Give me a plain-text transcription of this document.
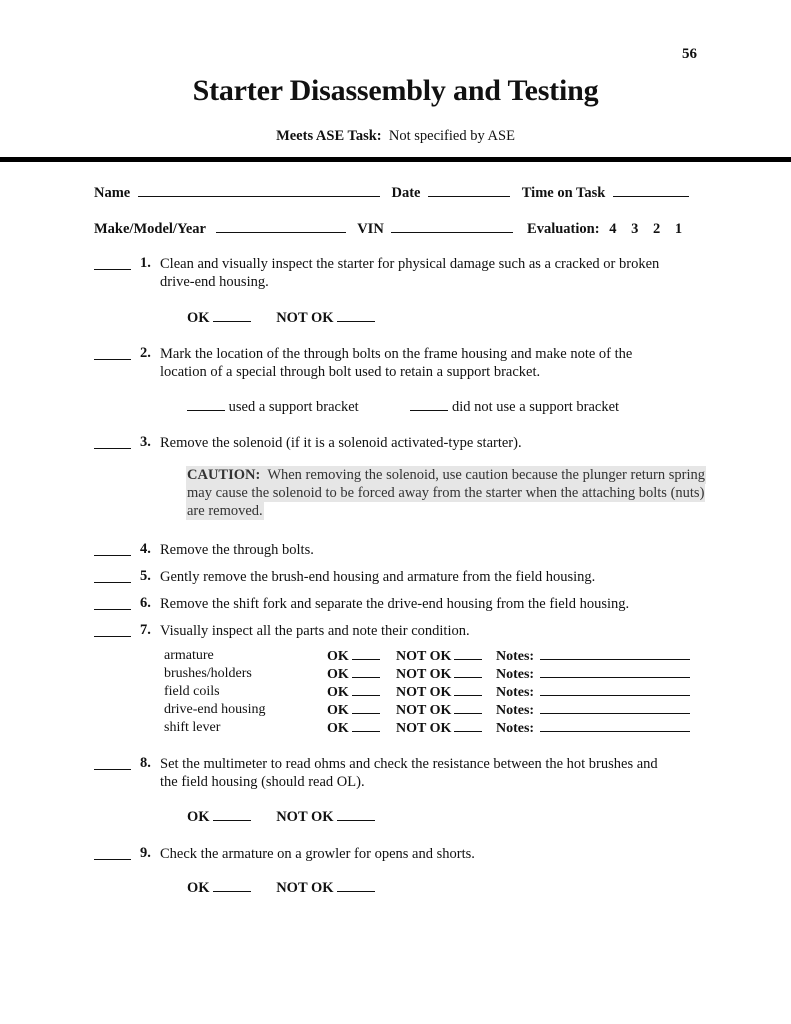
56
Starter Disassembly and Testing
Meets ASE Task: Not specified by ASE
Name	Date	Time on Task
Make/Model/Year	VIN	Evaluation: 4 3 2 1
1. Clean and visually inspect the starter for physical damage such as a cracked or broken
drive-end housing.
OK	NOT OK
2. Mark the location of the through bolts on the frame housing and make note of the
location of a special through bolt used to retain a support bracket.
used a support bracket	did not use a support bracket
3. Remove the solenoid (if it is a solenoid activated-type starter).
CAUTION: When removing the solenoid, use caution because the plunger return spring may cause the solenoid to be forced away from the starter when the attaching bolts (nuts) are removed.
4. Remove the through bolts.
5. Gently remove the brush-end housing and armature from the field housing.
6. Remove the shift fork and separate the drive-end housing from the field housing.
7. Visually inspect all the parts and note their condition.
armature	OK	NOT OK	Notes:
brushes/holders	OK	NOT OK	Notes:
field coils	OK	NOT OK	Notes:
drive-end housing	OK	NOT OK	Notes:
shift lever	OK	NOT OK	Notes:
8. Set the multimeter to read ohms and check the resistance between the hot brushes and
the field housing (should read OL).
OK	NOT OK
9. Check the armature on a growler for opens and shorts.
OK	NOT OK
